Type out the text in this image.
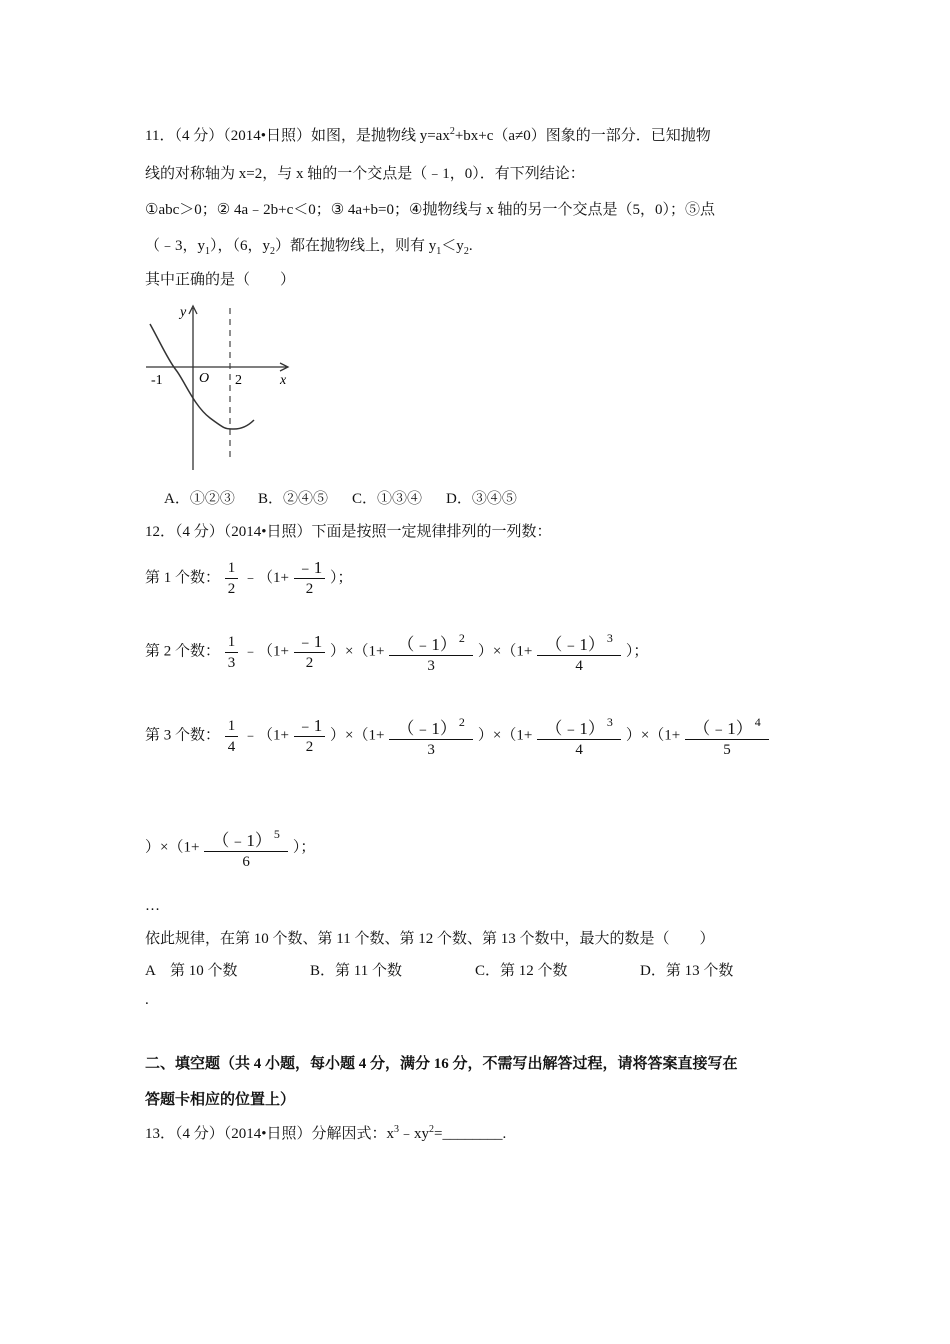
11．（4 分）（2014•日照）如图，是抛物线 $y=ax^2+bx+c(a\ne 0)$图象的一部分．已知抛物
线的对称轴为 x=2，与 x 轴的一个交点是（﹣1，0）．有下列结论：
①abc＞0；② 4a﹣2b+c＜0；③ 4a+b=0；④抛物线与 x 轴的另一个交点是（5，0）；⑤点
（﹣3，$y_1$），（6，$y_2$）都在抛物线上，则有 $y_1<y_2$.
其中正确的是（　　）
y
x
O
-1	2
A．①②③ B．②④⑤ C．①③④ D．③④⑤
12．（4 分）（2014•日照）下面是按照一定规律排列的一列数：
第 1 个数： $\frac{1}{2}$ ﹣（1+ $\frac{﹣1}{2}$ ）；
第 2 个数： $\frac{1}{3}$ ﹣（1+ $\frac{﹣1}{2} )\times(1+ \frac{(﹣1) ^2}{3} )\times(1+ \frac{(﹣1) ^3}{4}$ ）；
第 3 个数： $\frac{1}{4}$ ﹣（1+ $\frac{﹣1}{2} )\times(1+ \frac{(﹣1) ^2}{3} )\times(1+ \frac{(﹣1) ^3}{4} )\times(1+ \frac{(﹣1) ^4}{5}$
）$\times(1+ \frac{(﹣1) ^5}{6}$ ）；
…
依此规律，在第 10 个数、第 11 个数、第 12 个数、第 13 个数中，最大的数是（　　）
A　第 10 个数	B．第 11 个数	C．第 12 个数	D．第 13 个数
.
二、填空题（共 4 小题，每小题 4 分，满分 16 分，不需写出解答过程，请将答案直接写在
答题卡相应的位置上）
13．（4 分）（2014•日照）分解因式：$x^3﹣xy^2=\_\_\_\_\_\_\_\_$.
